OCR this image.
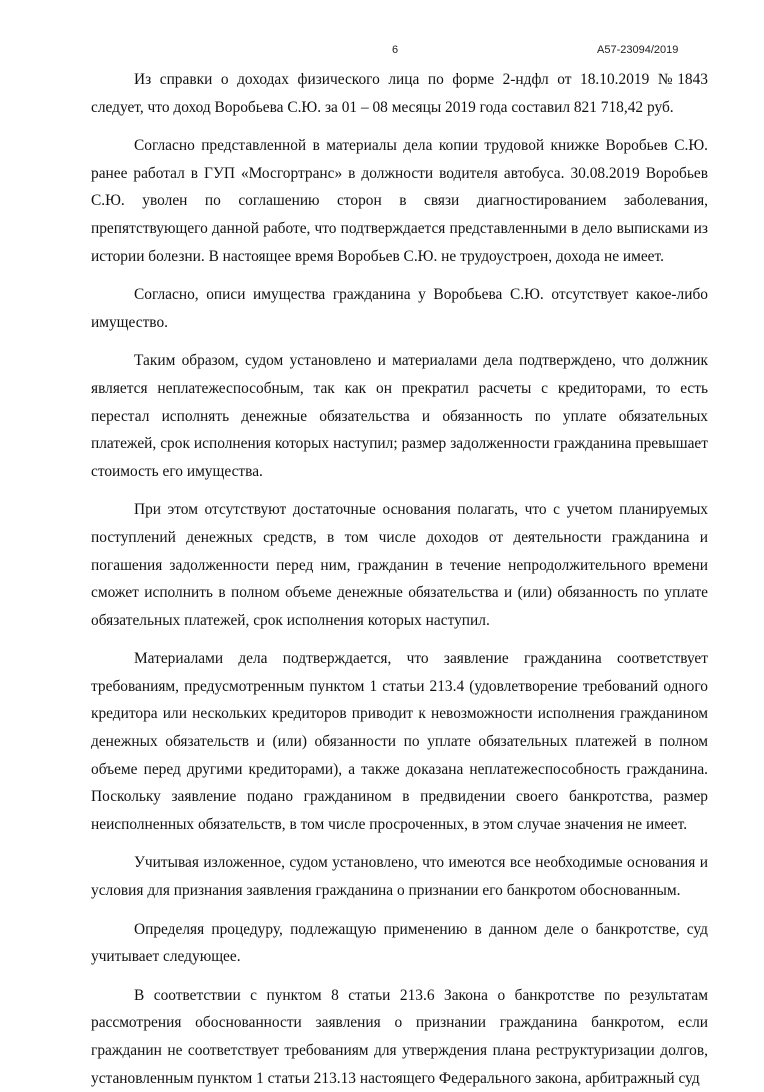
6	А57-23094/2019

Из справки о доходах физического лица по форме 2-ндфл от 18.10.2019 №1843 следует, что доход Воробьева С.Ю. за 01 – 08 месяцы 2019 года составил 821 718,42 руб.

Согласно представленной в материалы дела копии трудовой книжке Воробьев С.Ю. ранее работал в ГУП «Мосгортранс» в должности водителя автобуса. 30.08.2019 Воробьев С.Ю. уволен по соглашению сторон в связи диагностированием заболевания, препятствующего данной работе, что подтверждается представленными в дело выписками из истории болезни. В настоящее время Воробьев С.Ю. не трудоустроен, дохода не имеет.

Согласно, описи имущества гражданина у Воробьева С.Ю. отсутствует какое-либо имущество.

Таким образом, судом установлено и материалами дела подтверждено, что должник является неплатежеспособным, так как он прекратил расчеты с кредиторами, то есть перестал исполнять денежные обязательства и обязанность по уплате обязательных платежей, срок исполнения которых наступил; размер задолженности гражданина превышает стоимость его имущества.

При этом отсутствуют достаточные основания полагать, что с учетом планируемых поступлений денежных средств, в том числе доходов от деятельности гражданина и погашения задолженности перед ним, гражданин в течение непродолжительного времени сможет исполнить в полном объеме денежные обязательства и (или) обязанность по уплате обязательных платежей, срок исполнения которых наступил.

Материалами дела подтверждается, что заявление гражданина соответствует требованиям, предусмотренным пунктом 1 статьи 213.4 (удовлетворение требований одного кредитора или нескольких кредиторов приводит к невозможности исполнения гражданином денежных обязательств и (или) обязанности по уплате обязательных платежей в полном объеме перед другими кредиторами), а также доказана неплатежеспособность гражданина. Поскольку заявление подано гражданином в предвидении своего банкротства, размер неисполненных обязательств, в том числе просроченных, в этом случае значения не имеет.

Учитывая изложенное, судом установлено, что имеются все необходимые основания и условия для признания заявления гражданина о признании его банкротом обоснованным.

Определяя процедуру, подлежащую применению в данном деле о банкротстве, суд учитывает следующее.

В соответствии с пунктом 8 статьи 213.6 Закона о банкротстве по результатам рассмотрения обоснованности заявления о признании гражданина банкротом, если гражданин не соответствует требованиям для утверждения плана реструктуризации долгов, установленным пунктом 1 статьи 213.13 настоящего Федерального закона, арбитражный суд
